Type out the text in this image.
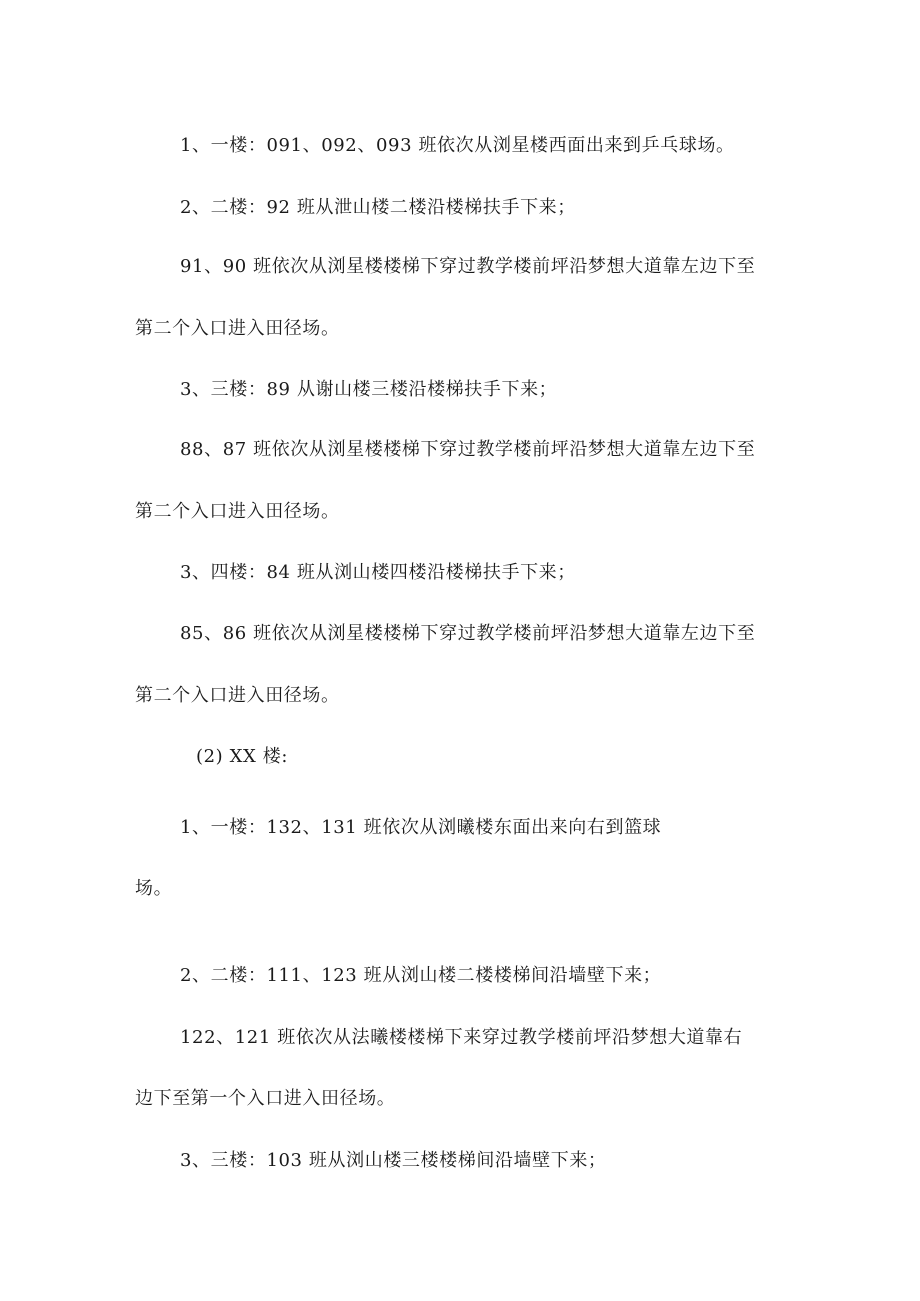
1、一楼：091、092、093 班依次从浏星楼西面出来到乒乓球场。
2、二楼：92 班从泄山楼二楼沿楼梯扶手下来；
91、90 班依次从浏星楼楼梯下穿过教学楼前坪沿梦想大道靠左边下至
第二个入口进入田径场。
3、三楼：89 从谢山楼三楼沿楼梯扶手下来；
88、87 班依次从浏星楼楼梯下穿过教学楼前坪沿梦想大道靠左边下至
第二个入口进入田径场。
3、四楼：84 班从浏山楼四楼沿楼梯扶手下来；
85、86 班依次从浏星楼楼梯下穿过教学楼前坪沿梦想大道靠左边下至
第二个入口进入田径场。
(2) XX 楼:
1、一楼：132、131 班依次从浏曦楼东面出来向右到篮球
场。
2、二楼：111、123 班从浏山楼二楼楼梯间沿墙壁下来；
122、121 班依次从法曦楼楼梯下来穿过教学楼前坪沿梦想大道靠右
边下至第一个入口进入田径场。
3、三楼：103 班从浏山楼三楼楼梯间沿墙壁下来；
